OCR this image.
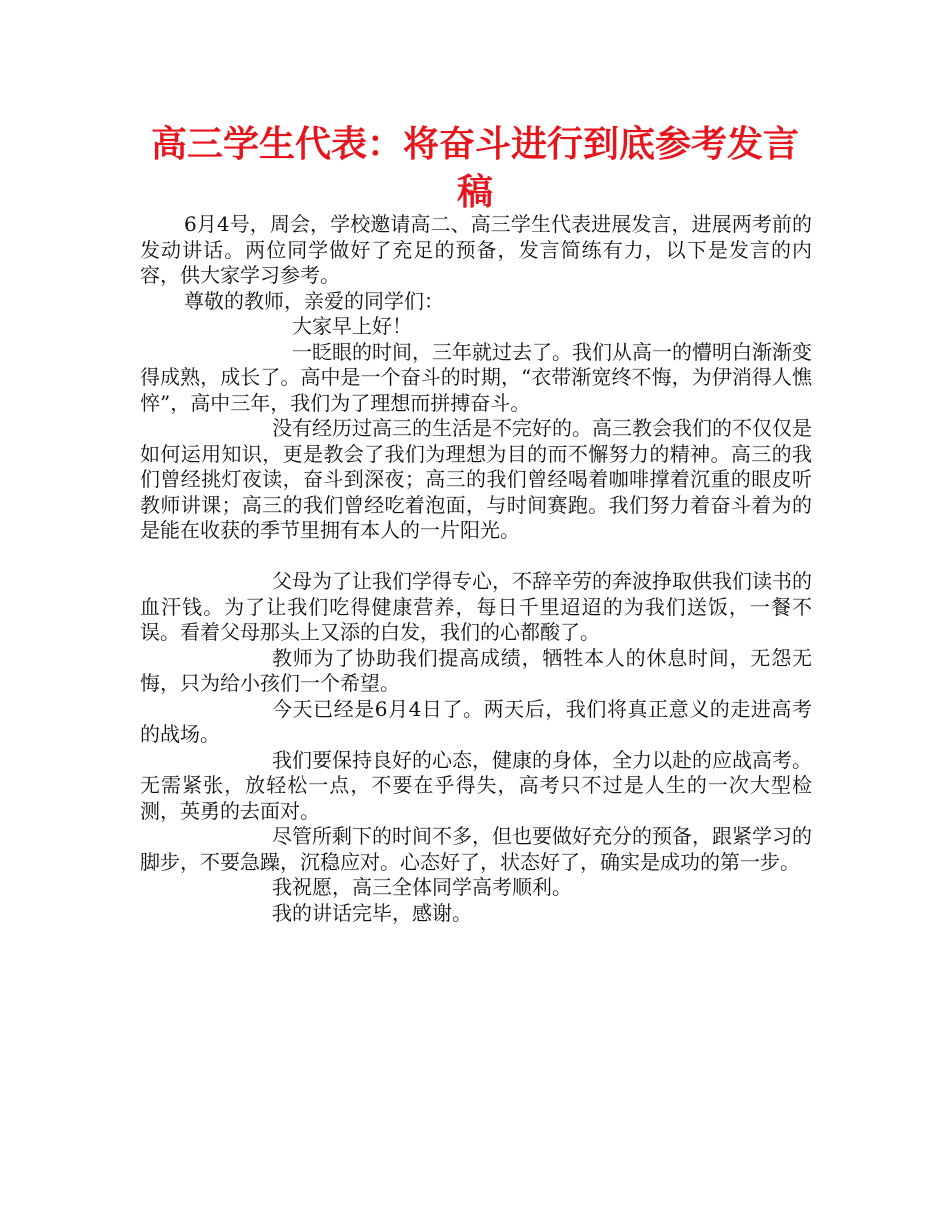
高三学生代表：将奋斗进行到底参考发言稿

6月4号，周会，学校邀请高二、高三学生代表进展发言，进展两考前的发动讲话。两位同学做好了充足的预备，发言简练有力，以下是发言的内容，供大家学习参考。

尊敬的教师，亲爱的同学们：

大家早上好！

一眨眼的时间，三年就过去了。我们从高一的懵明白渐渐变得成熟，成长了。高中是一个奋斗的时期，“衣带渐宽终不悔，为伊消得人憔悴”，高中三年，我们为了理想而拼搏奋斗。

没有经历过高三的生活是不完好的。高三教会我们的不仅仅是如何运用知识，更是教会了我们为理想为目的而不懈努力的精神。高三的我们曾经挑灯夜读，奋斗到深夜；高三的我们曾经喝着咖啡撑着沉重的眼皮听教师讲课；高三的我们曾经吃着泡面，与时间赛跑。我们努力着奋斗着为的是能在收获的季节里拥有本人的一片阳光。

父母为了让我们学得专心，不辞辛劳的奔波挣取供我们读书的血汗钱。为了让我们吃得健康营养，每日千里迢迢的为我们送饭，一餐不误。看着父母那头上又添的白发，我们的心都酸了。

教师为了协助我们提高成绩，牺牲本人的休息时间，无怨无悔，只为给小孩们一个希望。

今天已经是6月4日了。两天后，我们将真正意义的走进高考的战场。

我们要保持良好的心态，健康的身体，全力以赴的应战高考。无需紧张，放轻松一点，不要在乎得失，高考只不过是人生的一次大型检测，英勇的去面对。

尽管所剩下的时间不多，但也要做好充分的预备，跟紧学习的脚步，不要急躁，沉稳应对。心态好了，状态好了，确实是成功的第一步。

我祝愿，高三全体同学高考顺利。

我的讲话完毕，感谢。
